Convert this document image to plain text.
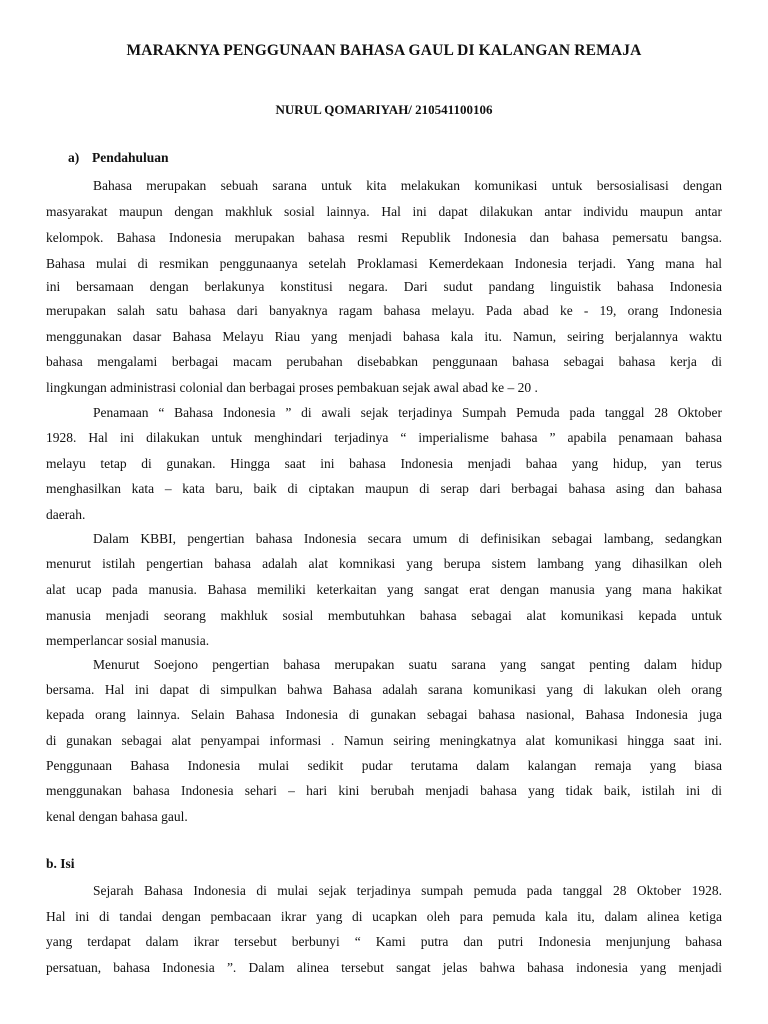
MARAKNYA PENGGUNAAN BAHASA GAUL DI KALANGAN REMAJA
NURUL QOMARIYAH/ 210541100106
a) Pendahuluan
Bahasa merupakan sebuah sarana untuk kita melakukan komunikasi untuk bersosialisasi dengan
masyarakat maupun dengan makhluk sosial lainnya. Hal ini dapat dilakukan antar individu maupun antar
kelompok. Bahasa Indonesia merupakan bahasa resmi Republik Indonesia dan bahasa pemersatu bangsa.
Bahasa mulai di resmikan penggunaanya setelah Proklamasi Kemerdekaan Indonesia terjadi. Yang mana hal
ini bersamaan dengan berlakunya konstitusi negara. Dari sudut pandang linguistik bahasa Indonesia
merupakan salah satu bahasa dari banyaknya ragam bahasa melayu. Pada abad ke - 19, orang Indonesia
menggunakan dasar Bahasa Melayu Riau yang menjadi bahasa kala itu. Namun, seiring berjalannya waktu
bahasa mengalami berbagai macam perubahan disebabkan penggunaan bahasa sebagai bahasa kerja di
lingkungan administrasi colonial dan berbagai proses pembakuan sejak awal abad ke – 20 .
Penamaan “ Bahasa Indonesia ” di awali sejak terjadinya Sumpah Pemuda pada tanggal 28 Oktober
1928. Hal ini dilakukan untuk menghindari terjadinya “ imperialisme bahasa ” apabila penamaan bahasa
melayu tetap di gunakan. Hingga saat ini bahasa Indonesia menjadi bahaa yang hidup, yan terus
menghasilkan kata – kata baru, baik di ciptakan maupun di serap dari berbagai bahasa asing dan bahasa
daerah.
Dalam KBBI, pengertian bahasa Indonesia secara umum di definisikan sebagai lambang, sedangkan
menurut istilah pengertian bahasa adalah alat komnikasi yang berupa sistem lambang yang dihasilkan oleh
alat ucap pada manusia. Bahasa memiliki keterkaitan yang sangat erat dengan manusia yang mana hakikat
manusia menjadi seorang makhluk sosial membutuhkan bahasa sebagai alat komunikasi kepada untuk
memperlancar sosial manusia.
Menurut Soejono pengertian bahasa merupakan suatu sarana yang sangat penting dalam hidup
bersama. Hal ini dapat di simpulkan bahwa Bahasa adalah sarana komunikasi yang di lakukan oleh orang
kepada orang lainnya. Selain Bahasa Indonesia di gunakan sebagai bahasa nasional, Bahasa Indonesia juga
di gunakan sebagai alat penyampai informasi . Namun seiring meningkatnya alat komunikasi hingga saat ini.
Penggunaan Bahasa Indonesia mulai sedikit pudar terutama dalam kalangan remaja yang biasa
menggunakan bahasa Indonesia sehari – hari kini berubah menjadi bahasa yang tidak baik, istilah ini di
kenal dengan bahasa gaul.
b. Isi
Sejarah Bahasa Indonesia di mulai sejak terjadinya sumpah pemuda pada tanggal 28 Oktober 1928.
Hal ini di tandai dengan pembacaan ikrar yang di ucapkan oleh para pemuda kala itu, dalam alinea ketiga
yang terdapat dalam ikrar tersebut berbunyi “ Kami putra dan putri Indonesia menjunjung bahasa
persatuan, bahasa Indonesia ”. Dalam alinea tersebut sangat jelas bahwa bahasa indonesia yang menjadi
